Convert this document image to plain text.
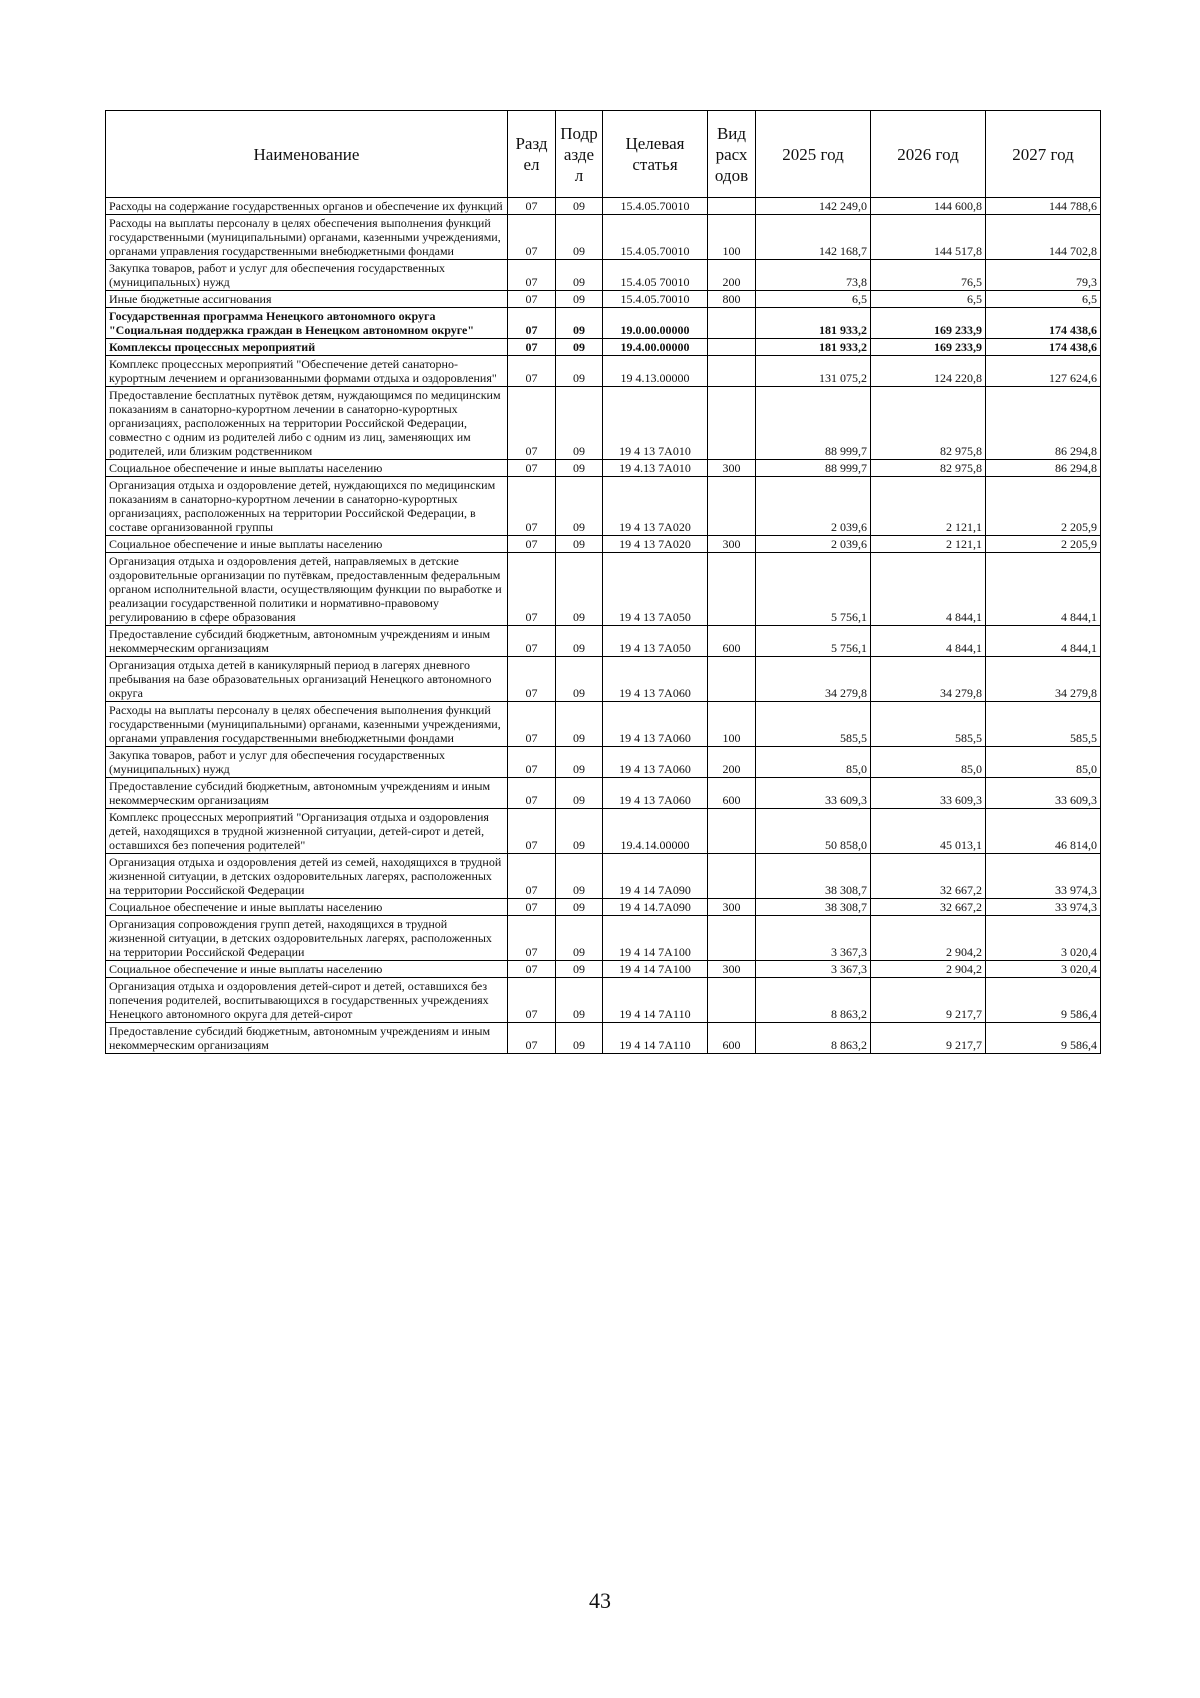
Наименование	Разд ел	Подр азде л	Целевая статья	Вид расх одов	2025 год	2026 год	2027 год
Расходы на содержание государственных органов и обеспечение их функций	07	09	15.4.05.70010		142 249,0	144 600,8	144 788,6
Расходы на выплаты персоналу в целях обеспечения выполнения функций государственными (муниципальными) органами, казенными учреждениями, органами управления государственными внебюджетными фондами	07	09	15.4.05.70010	100	142 168,7	144 517,8	144 702,8
Закупка товаров, работ и услуг для обеспечения государственных (муниципальных) нужд	07	09	15.4.05 70010	200	73,8	76,5	79,3
Иные бюджетные ассигнования	07	09	15.4.05.70010	800	6,5	6,5	6,5
Государственная программа Ненецкого автономного округа "Социальная поддержка граждан в Ненецком автономном округе"	07	09	19.0.00.00000		181 933,2	169 233,9	174 438,6
Комплексы процессных мероприятий	07	09	19.4.00.00000		181 933,2	169 233,9	174 438,6
Комплекс процессных мероприятий "Обеспечение детей санаторно-курортным лечением и организованными формами отдыха и оздоровления"	07	09	19 4.13.00000		131 075,2	124 220,8	127 624,6
Предоставление бесплатных путёвок детям, нуждающимся по медицинским показаниям в санаторно-курортном лечении в санаторно-курортных организациях, расположенных на территории Российской Федерации, совместно с одним из родителей либо с одним из лиц, заменяющих им родителей, или близким родственником	07	09	19 4 13 7А010		88 999,7	82 975,8	86 294,8
Социальное обеспечение и иные выплаты населению	07	09	19 4.13 7А010	300	88 999,7	82 975,8	86 294,8
Организация отдыха и оздоровление детей, нуждающихся по медицинским показаниям в санаторно-курортном лечении в санаторно-курортных организациях, расположенных на территории Российской Федерации, в составе организованной группы	07	09	19 4 13 7А020		2 039,6	2 121,1	2 205,9
Социальное обеспечение и иные выплаты населению	07	09	19 4 13 7А020	300	2 039,6	2 121,1	2 205,9
Организация отдыха и оздоровления детей, направляемых в детские оздоровительные организации по путёвкам, предоставленным федеральным органом исполнительной власти, осуществляющим функции по выработке и реализации государственной политики и нормативно-правовому регулированию в сфере образования	07	09	19 4 13 7А050		5 756,1	4 844,1	4 844,1
Предоставление субсидий бюджетным, автономным учреждениям и иным некоммерческим организациям	07	09	19 4 13 7А050	600	5 756,1	4 844,1	4 844,1
Организация отдыха детей в каникулярный период в лагерях дневного пребывания на базе образовательных организаций Ненецкого автономного округа	07	09	19 4 13 7А060		34 279,8	34 279,8	34 279,8
Расходы на выплаты персоналу в целях обеспечения выполнения функций государственными (муниципальными) органами, казенными учреждениями, органами управления государственными внебюджетными фондами	07	09	19 4 13 7А060	100	585,5	585,5	585,5
Закупка товаров, работ и услуг для обеспечения государственных (муниципальных) нужд	07	09	19 4 13 7А060	200	85,0	85,0	85,0
Предоставление субсидий бюджетным, автономным учреждениям и иным некоммерческим организациям	07	09	19 4 13 7А060	600	33 609,3	33 609,3	33 609,3
Комплекс процессных мероприятий "Организация отдыха и оздоровления детей, находящихся в трудной жизненной ситуации, детей-сирот и детей, оставшихся без попечения родителей"	07	09	19.4.14.00000		50 858,0	45 013,1	46 814,0
Организация отдыха и оздоровления детей из семей, находящихся в трудной жизненной ситуации, в детских оздоровительных лагерях, расположенных на территории Российской Федерации	07	09	19 4 14 7А090		38 308,7	32 667,2	33 974,3
Социальное обеспечение и иные выплаты населению	07	09	19 4 14.7А090	300	38 308,7	32 667,2	33 974,3
Организация сопровождения групп детей, находящихся в трудной жизненной ситуации, в детских оздоровительных лагерях, расположенных на территории Российской Федерации	07	09	19 4 14 7А100		3 367,3	2 904,2	3 020,4
Социальное обеспечение и иные выплаты населению	07	09	19 4 14 7А100	300	3 367,3	2 904,2	3 020,4
Организация отдыха и оздоровления детей-сирот и детей, оставшихся без попечения родителей, воспитывающихся в государственных учреждениях Ненецкого автономного округа для детей-сирот	07	09	19 4 14 7А110		8 863,2	9 217,7	9 586,4
Предоставление субсидий бюджетным, автономным учреждениям и иным некоммерческим организациям	07	09	19 4 14 7А110	600	8 863,2	9 217,7	9 586,4
43
